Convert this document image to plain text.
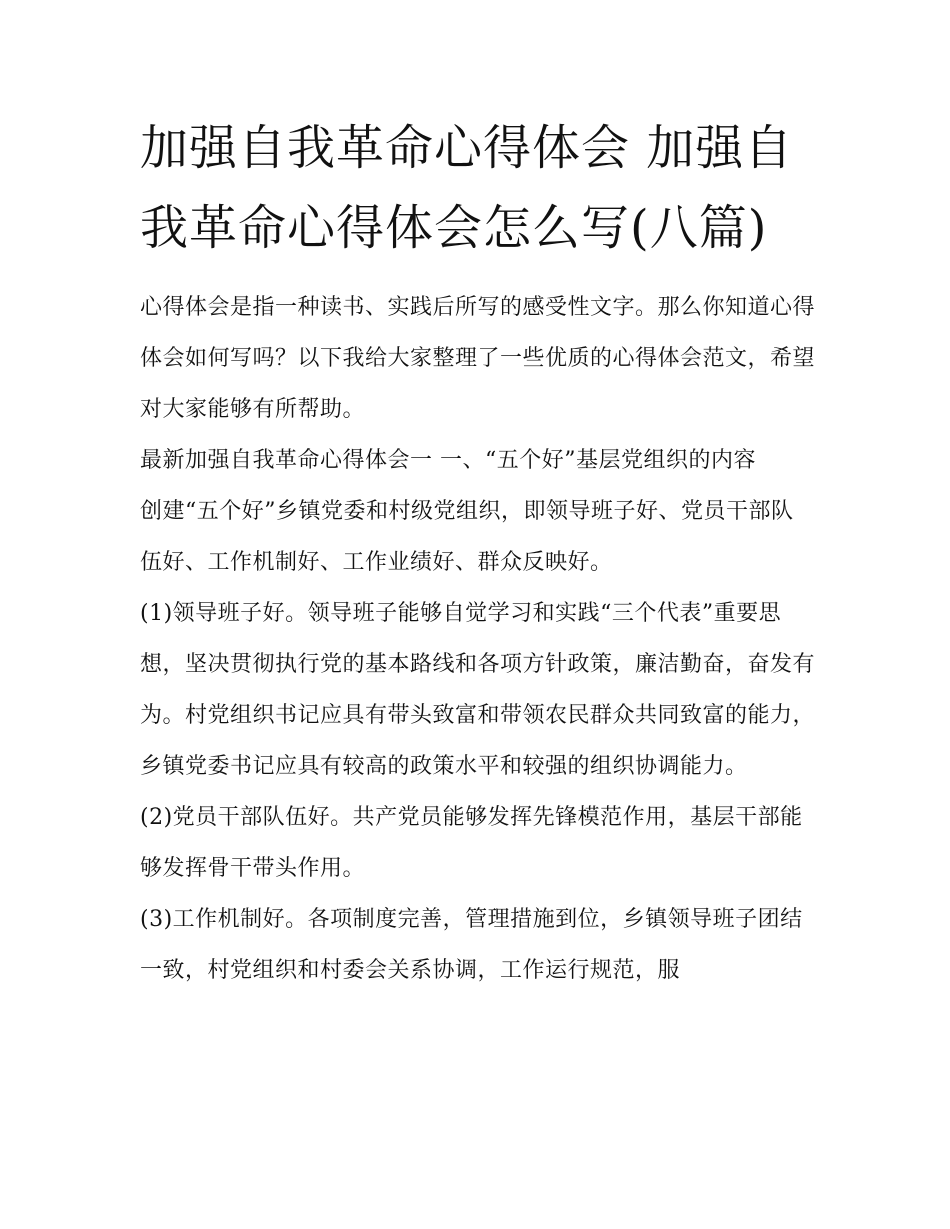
加强自我革命心得体会 加强自我革命心得体会怎么写(八篇)

心得体会是指一种读书、实践后所写的感受性文字。那么你知道心得体会如何写吗？以下我给大家整理了一些优质的心得体会范文，希望对大家能够有所帮助。

最新加强自我革命心得体会一 一、“五个好”基层党组织的内容

创建“五个好”乡镇党委和村级党组织，即领导班子好、党员干部队伍好、工作机制好、工作业绩好、群众反映好。

(1)领导班子好。领导班子能够自觉学习和实践“三个代表”重要思想，坚决贯彻执行党的基本路线和各项方针政策，廉洁勤奋，奋发有为。村党组织书记应具有带头致富和带领农民群众共同致富的能力，乡镇党委书记应具有较高的政策水平和较强的组织协调能力。

(2)党员干部队伍好。共产党员能够发挥先锋模范作用，基层干部能够发挥骨干带头作用。

(3)工作机制好。各项制度完善，管理措施到位，乡镇领导班子团结一致，村党组织和村委会关系协调，工作运行规范，服
